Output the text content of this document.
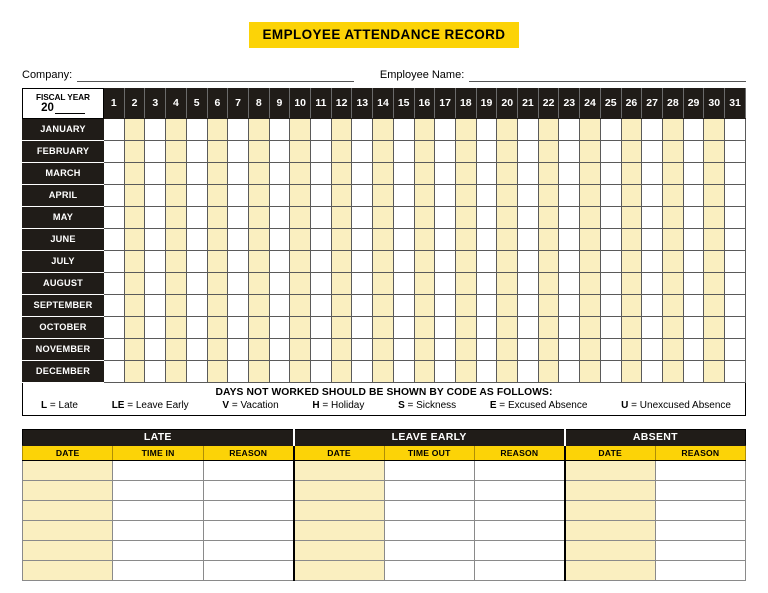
EMPLOYEE ATTENDANCE RECORD
Company:	Employee Name:
FISCAL YEAR
20	1	2	3	4	5	6	7	8	9	10	11	12	13	14	15	16	17	18	19	20	21	22	23	24	25	26	27	28	29	30	31
JANUARY																															
FEBRUARY																															
MARCH																															
APRIL																															
MAY																															
JUNE																															
JULY																															
AUGUST																															
SEPTEMBER																															
OCTOBER																															
NOVEMBER																															
DECEMBER																															

DAYS NOT WORKED SHOULD BE SHOWN BY CODE AS FOLLOWS:
L = Late	LE = Leave Early	V = Vacation	H = Holiday	S = Sickness	E = Excused Absence	U = Unexcused Absence
LATE			LEAVE EARLY			ABSENT	
DATE	TIME IN	REASON	DATE	TIME OUT	REASON	DATE	REASON
